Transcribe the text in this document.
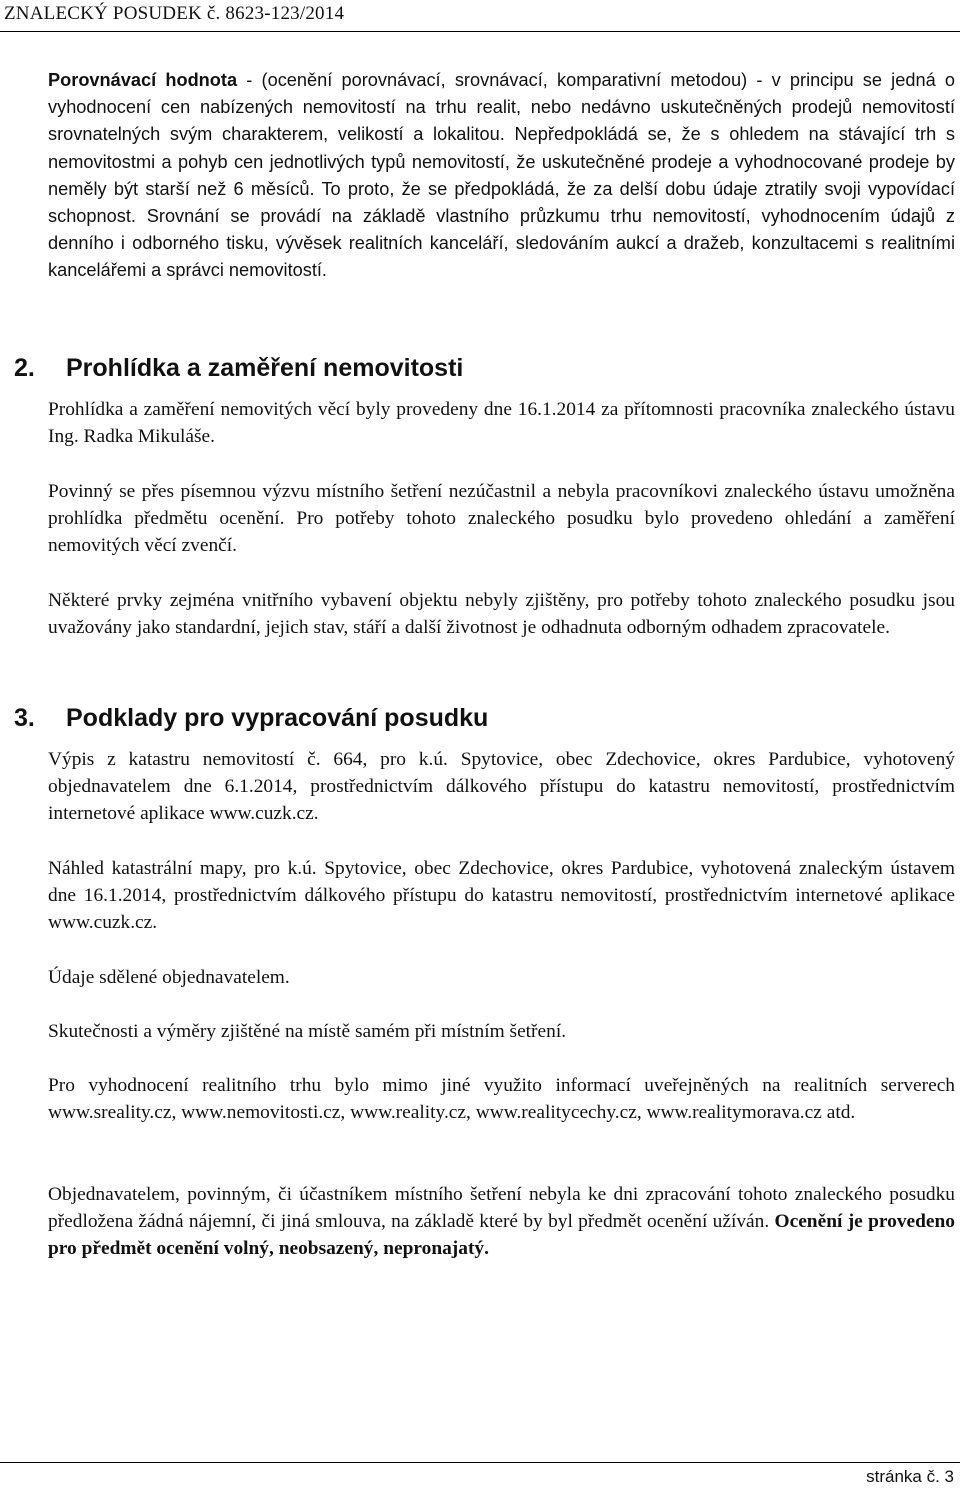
ZNALECKÝ POSUDEK č. 8623-123/2014

Porovnávací hodnota - (ocenění porovnávací, srovnávací, komparativní metodou) - v principu se jedná o vyhodnocení cen nabízených nemovitostí na trhu realit, nebo nedávno uskutečněných prodejů nemovitostí srovnatelných svým charakterem, velikostí a lokalitou. Nepředpokládá se, že s ohledem na stávající trh s nemovitostmi a pohyb cen jednotlivých typů nemovitostí, že uskutečněné prodeje a vyhodnocované prodeje by neměly být starší než 6 měsíců. To proto, že se předpokládá, že za delší dobu údaje ztratily svoji vypovídací schopnost. Srovnání se provádí na základě vlastního průzkumu trhu nemovitostí, vyhodnocením údajů z denního i odborného tisku, vývěsek realitních kanceláří, sledováním aukcí a dražeb, konzultacemi s realitními kancelářemi a správci nemovitostí.

2. Prohlídka a zaměření nemovitosti

Prohlídka a zaměření nemovitých věcí byly provedeny dne 16.1.2014 za přítomnosti pracovníka znaleckého ústavu Ing. Radka Mikuláše.

Povinný se přes písemnou výzvu místního šetření nezúčastnil a nebyla pracovníkovi znaleckého ústavu umožněna prohlídka předmětu ocenění. Pro potřeby tohoto znaleckého posudku bylo provedeno ohledání a zaměření nemovitých věcí zvenčí.

Některé prvky zejména vnitřního vybavení objektu nebyly zjištěny, pro potřeby tohoto znaleckého posudku jsou uvažovány jako standardní, jejich stav, stáří a další životnost je odhadnuta odborným odhadem zpracovatele.

3. Podklady pro vypracování posudku

Výpis z katastru nemovitostí č. 664, pro k.ú. Spytovice, obec Zdechovice, okres Pardubice, vyhotovený objednavatelem dne 6.1.2014, prostřednictvím dálkového přístupu do katastru nemovitostí, prostřednictvím internetové aplikace www.cuzk.cz.

Náhled katastrální mapy, pro k.ú. Spytovice, obec Zdechovice, okres Pardubice, vyhotovená znaleckým ústavem dne 16.1.2014, prostřednictvím dálkového přístupu do katastru nemovitostí, prostřednictvím internetové aplikace www.cuzk.cz.

Údaje sdělené objednavatelem.

Skutečnosti a výměry zjištěné na místě samém při místním šetření.

Pro vyhodnocení realitního trhu bylo mimo jiné využito informací uveřejněných na realitních serverech www.sreality.cz, www.nemovitosti.cz, www.reality.cz, www.realitycechy.cz, www.realitymorava.cz atd.

Objednavatelem, povinným, či účastníkem místního šetření nebyla ke dni zpracování tohoto znaleckého posudku předložena žádná nájemní, či jiná smlouva, na základě které by byl předmět ocenění užíván. Ocenění je provedeno pro předmět ocenění volný, neobsazený, nepronajatý.

stránka č. 3
